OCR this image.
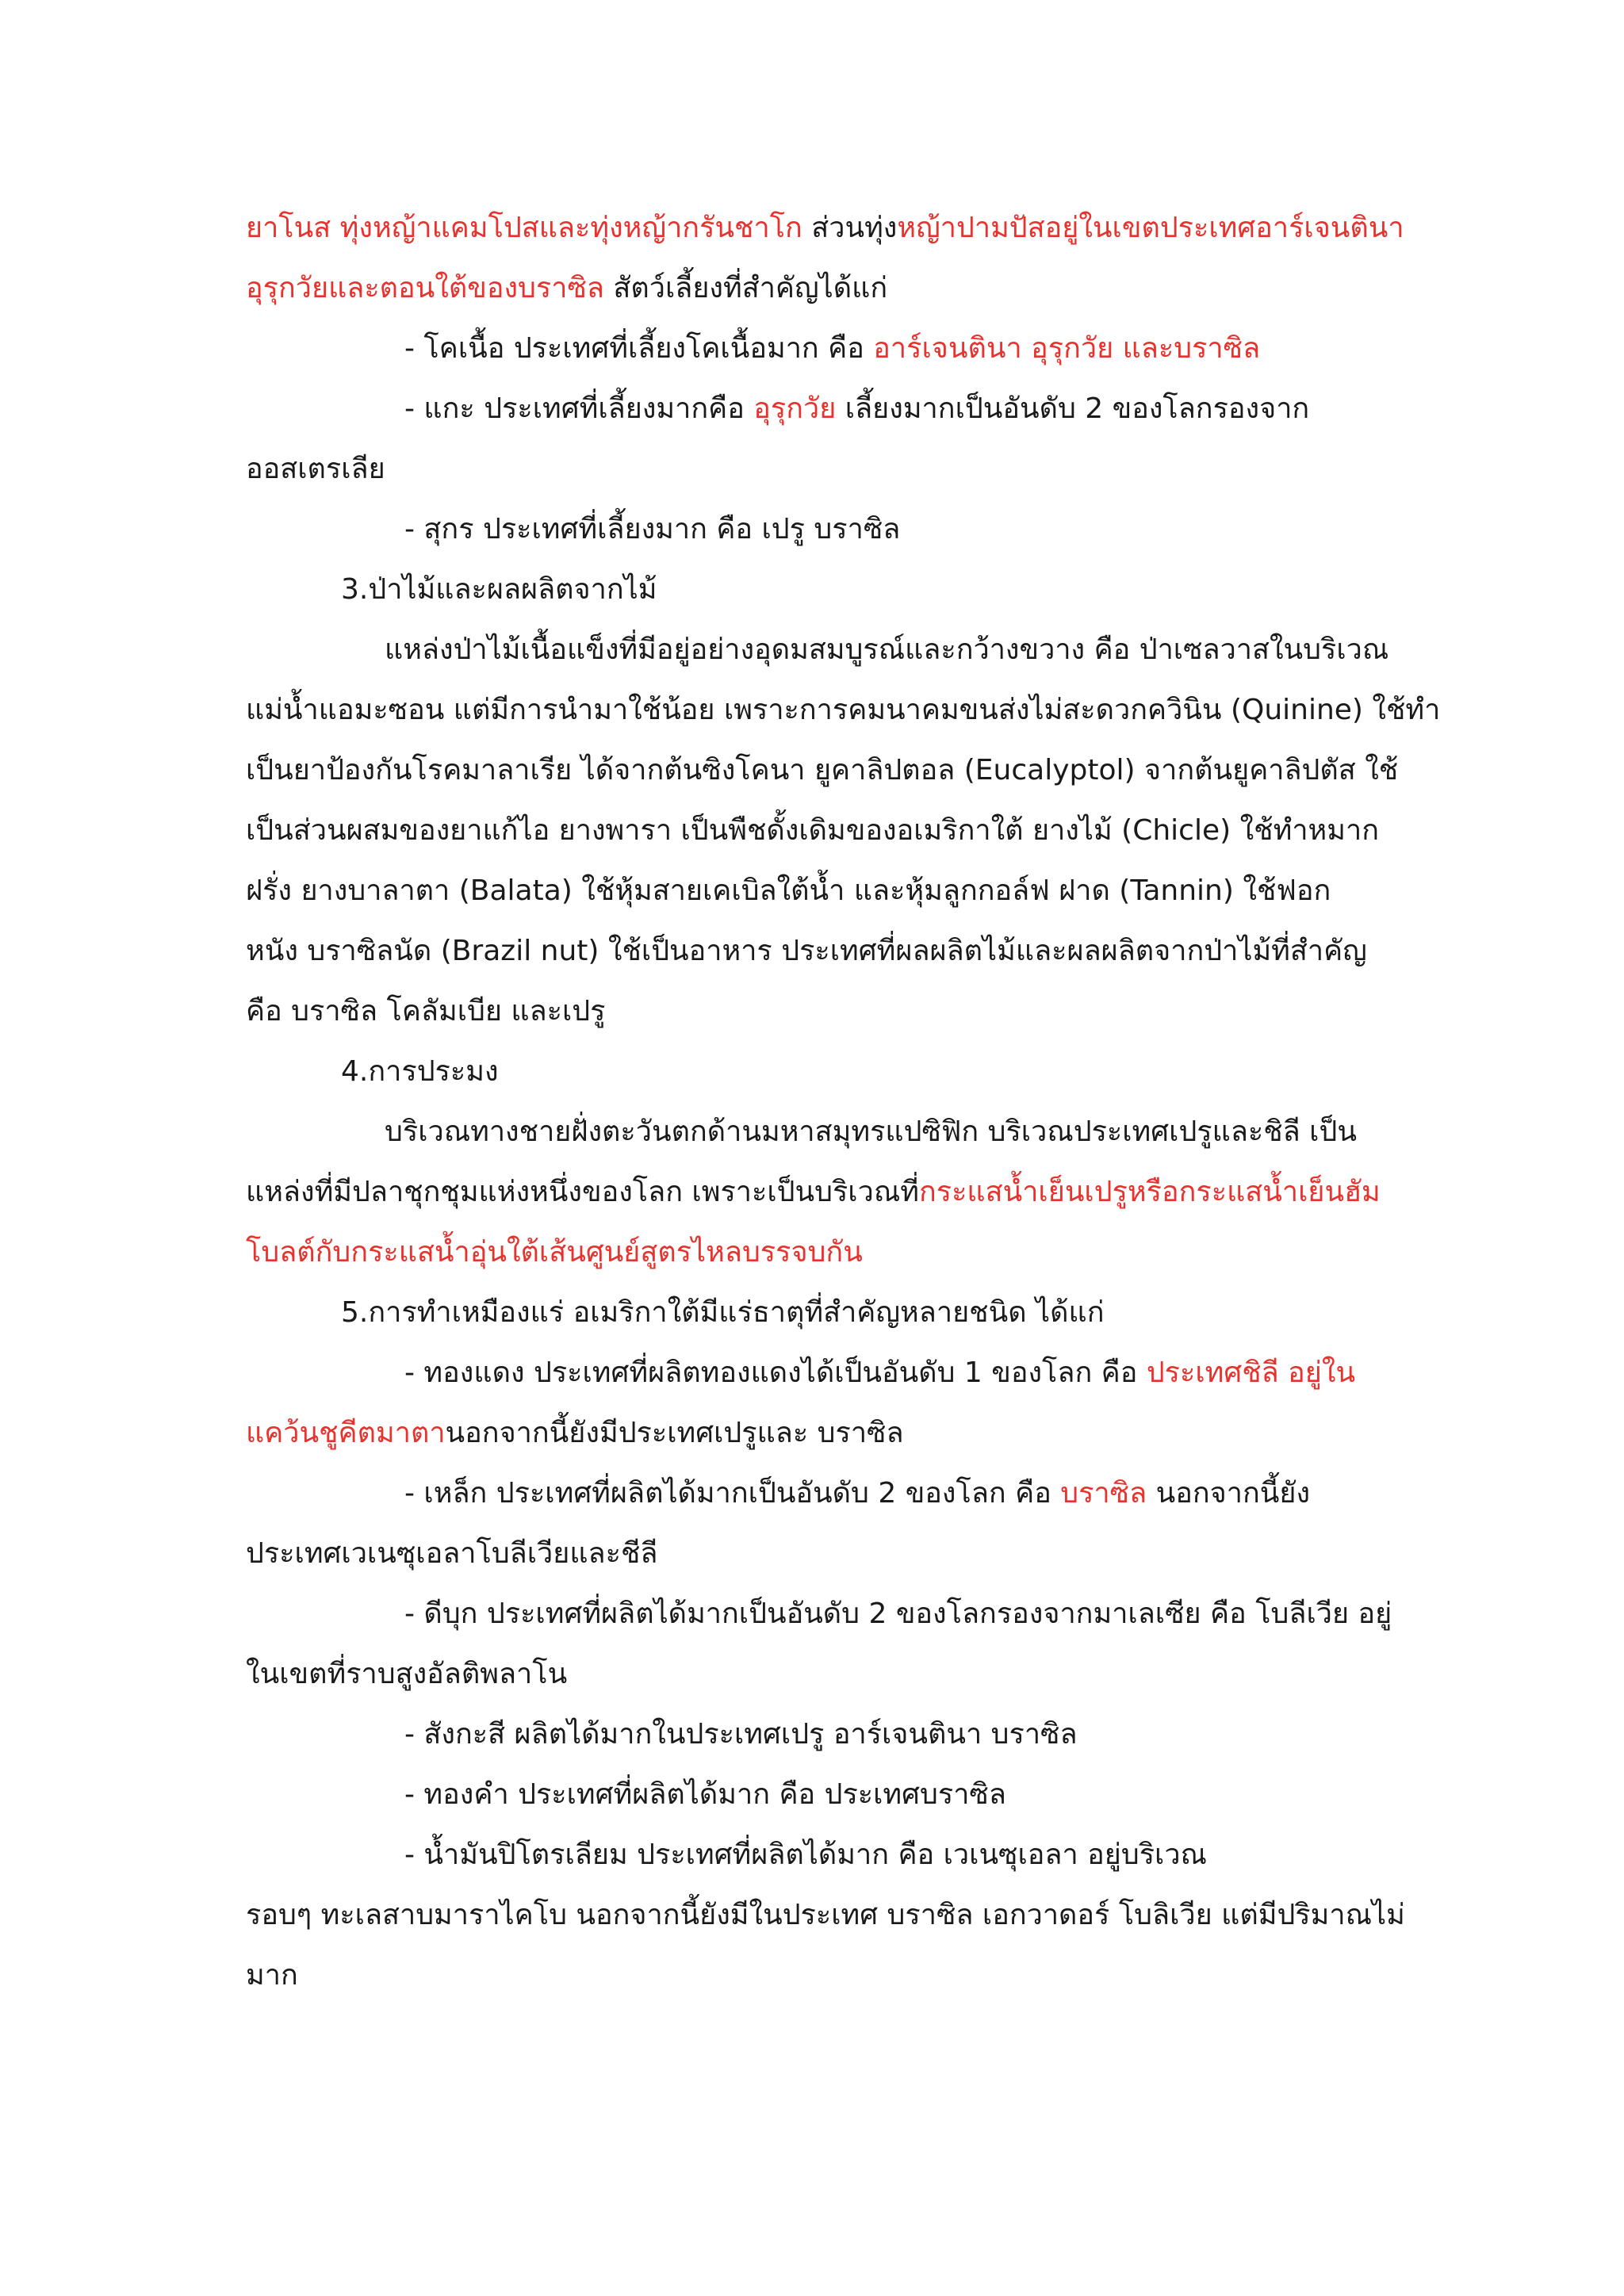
ยาโนส ทุ่งหญ้าแคมโปสและทุ่งหญ้ากรันชาโก ส่วนทุ่งหญ้าปามปัสอยู่ในเขตประเทศอาร์เจนตินา
อุรุกวัยและตอนใต้ของบราซิล สัตว์เลี้ยงที่สำคัญได้แก่
- โคเนื้อ ประเทศที่เลี้ยงโคเนื้อมาก คือ อาร์เจนตินา อุรุกวัย และบราซิล
- แกะ ประเทศที่เลี้ยงมากคือ อุรุกวัย เลี้ยงมากเป็นอันดับ 2 ของโลกรองจาก
ออสเตรเลีย
- สุกร ประเทศที่เลี้ยงมาก คือ เปรู บราซิล
3.ป่าไม้และผลผลิตจากไม้
แหล่งป่าไม้เนื้อแข็งที่มีอยู่อย่างอุดมสมบูรณ์และกว้างขวาง คือ ป่าเซลวาสในบริเวณ
แม่น้ำแอมะซอน แต่มีการนำมาใช้น้อย เพราะการคมนาคมขนส่งไม่สะดวกควินิน (Quinine) ใช้ทำ
เป็นยาป้องกันโรคมาลาเรีย ได้จากต้นซิงโคนา ยูคาลิปตอล (Eucalyptol) จากต้นยูคาลิปตัส ใช้
เป็นส่วนผสมของยาแก้ไอ ยางพารา เป็นพืชดั้งเดิมของอเมริกาใต้ ยางไม้ (Chicle) ใช้ทำหมาก
ฝรั่ง ยางบาลาตา (Balata) ใช้หุ้มสายเคเบิลใต้น้ำ และหุ้มลูกกอล์ฟ ฝาด (Tannin) ใช้ฟอก
หนัง บราซิลนัด (Brazil nut) ใช้เป็นอาหาร ประเทศที่ผลผลิตไม้และผลผลิตจากป่าไม้ที่สำคัญ
คือ บราซิล โคลัมเบีย และเปรู
4.การประมง
บริเวณทางชายฝั่งตะวันตกด้านมหาสมุทรแปซิฟิก บริเวณประเทศเปรูและชิลี เป็น
แหล่งที่มีปลาชุกชุมแห่งหนึ่งของโลก เพราะเป็นบริเวณที่กระแสน้ำเย็นเปรูหรือกระแสน้ำเย็นฮัม
โบลต์กับกระแสน้ำอุ่นใต้เส้นศูนย์สูตรไหลบรรจบกัน
5.การทำเหมืองแร่ อเมริกาใต้มีแร่ธาตุที่สำคัญหลายชนิด ได้แก่
- ทองแดง ประเทศที่ผลิตทองแดงได้เป็นอันดับ 1 ของโลก คือ ประเทศชิลี อยู่ใน
แคว้นชูคีตมาตานอกจากนี้ยังมีประเทศเปรูและ บราซิล
- เหล็ก ประเทศที่ผลิตได้มากเป็นอันดับ 2 ของโลก คือ บราซิล นอกจากนี้ยัง
ประเทศเวเนซุเอลาโบลีเวียและชีลี
- ดีบุก ประเทศที่ผลิตได้มากเป็นอันดับ 2 ของโลกรองจากมาเลเซีย คือ โบลีเวีย อยู่
ในเขตที่ราบสูงอัลติพลาโน
- สังกะสี ผลิตได้มากในประเทศเปรู อาร์เจนตินา บราซิล
- ทองคำ ประเทศที่ผลิตได้มาก คือ ประเทศบราซิล
- น้ำมันปิโตรเลียม ประเทศที่ผลิตได้มาก คือ เวเนซุเอลา อยู่บริเวณ
รอบๆ ทะเลสาบมาราไคโบ นอกจากนี้ยังมีในประเทศ บราซิล เอกวาดอร์ โบลิเวีย แต่มีปริมาณไม่
มาก
